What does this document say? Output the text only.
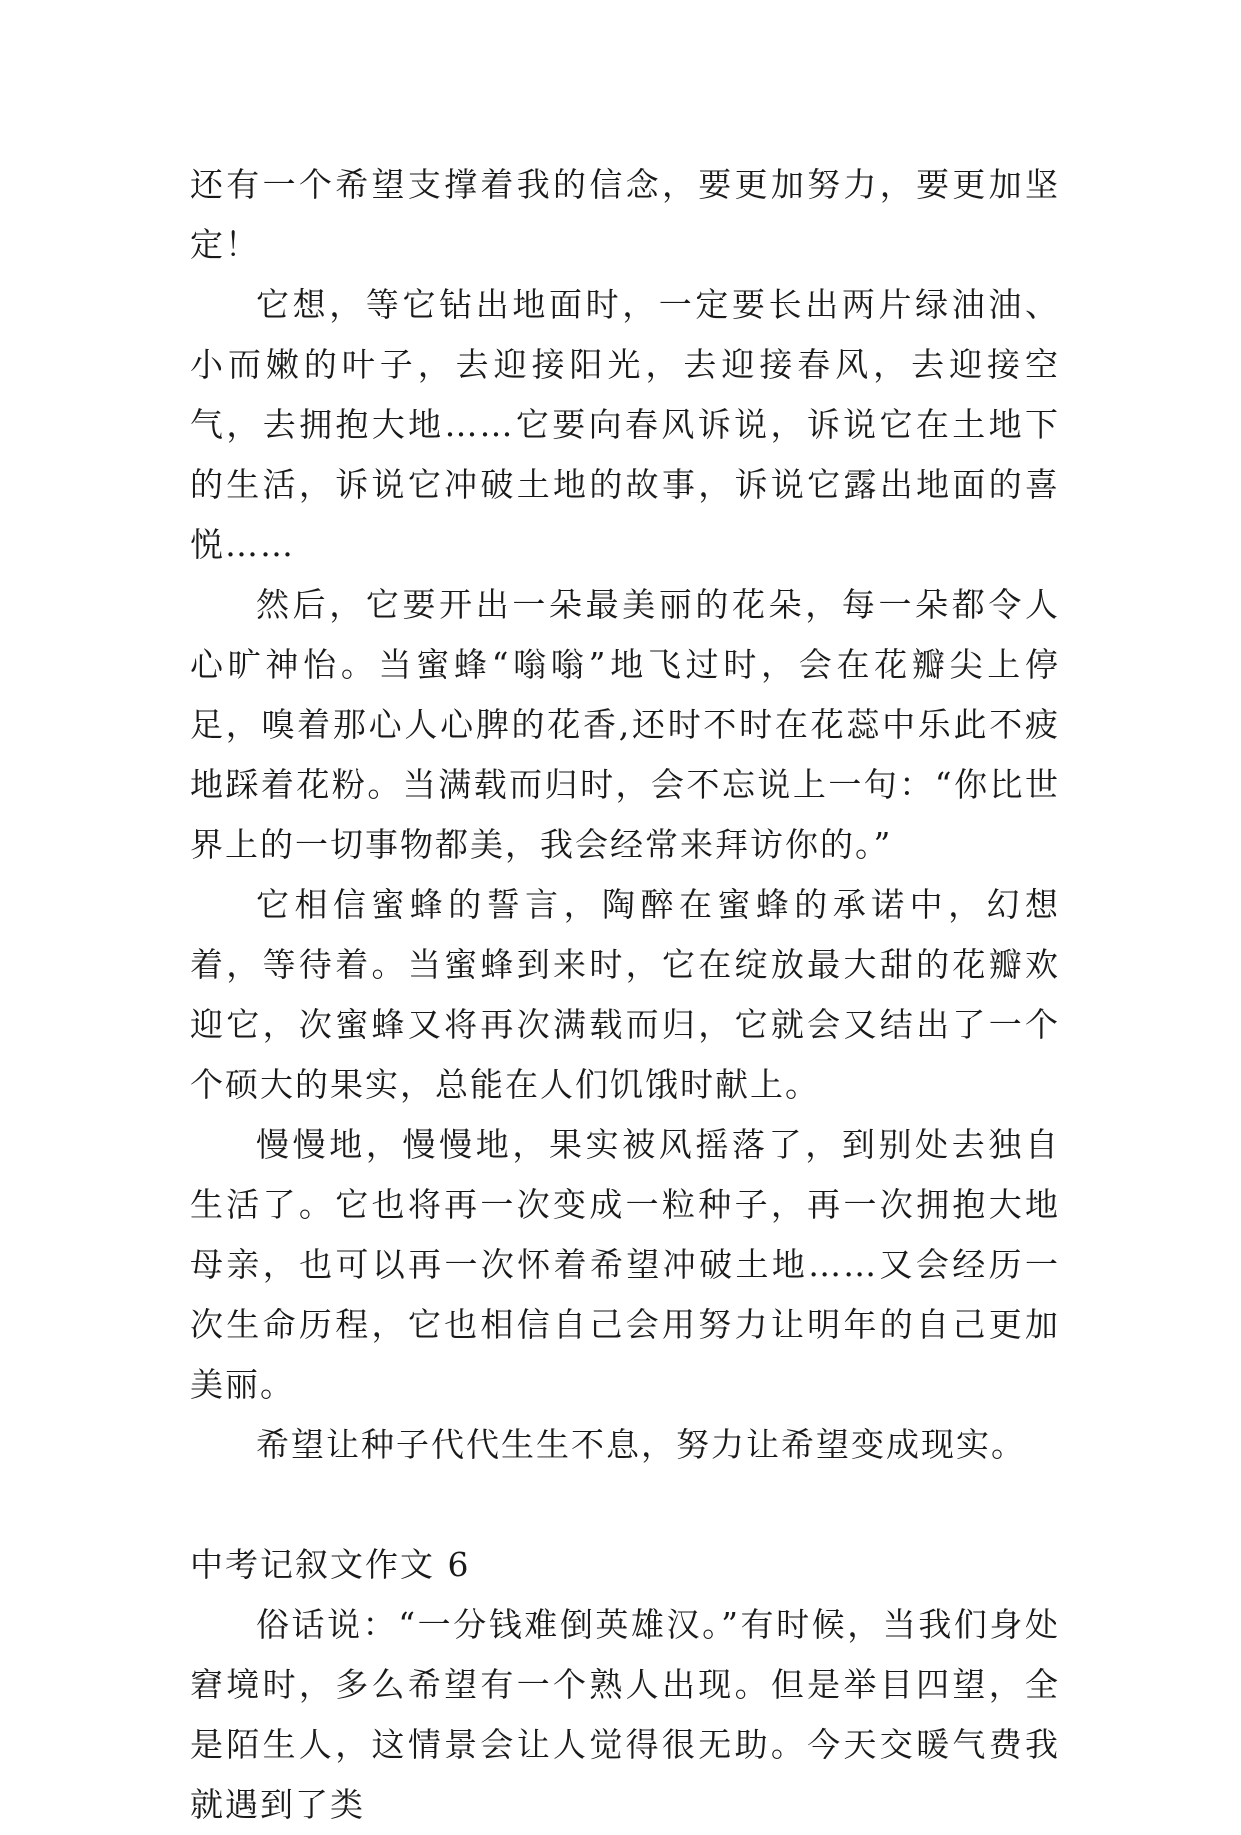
还有一个希望支撑着我的信念，要更加努力，要更加坚定！

它想，等它钻出地面时，一定要长出两片绿油油、小而嫩的叶子，去迎接阳光，去迎接春风，去迎接空气，去拥抱大地……它要向春风诉说，诉说它在土地下的生活，诉说它冲破土地的故事，诉说它露出地面的喜悦……

然后，它要开出一朵最美丽的花朵，每一朵都令人心旷神怡。当蜜蜂“嗡嗡”地飞过时，会在花瓣尖上停足，嗅着那心人心脾的花香,还时不时在花蕊中乐此不疲地踩着花粉。当满载而归时，会不忘说上一句：“你比世界上的一切事物都美，我会经常来拜访你的。”

它相信蜜蜂的誓言，陶醉在蜜蜂的承诺中，幻想着，等待着。当蜜蜂到来时，它在绽放最大甜的花瓣欢迎它，次蜜蜂又将再次满载而归，它就会又结出了一个个硕大的果实，总能在人们饥饿时献上。

慢慢地，慢慢地，果实被风摇落了，到别处去独自生活了。它也将再一次变成一粒种子，再一次拥抱大地母亲，也可以再一次怀着希望冲破土地……又会经历一次生命历程，它也相信自己会用努力让明年的自己更加美丽。

希望让种子代代生生不息，努力让希望变成现实。

中考记叙文作文 6

俗话说：“一分钱难倒英雄汉。”有时候，当我们身处窘境时，多么希望有一个熟人出现。但是举目四望，全是陌生人，这情景会让人觉得很无助。今天交暖气费我就遇到了类
